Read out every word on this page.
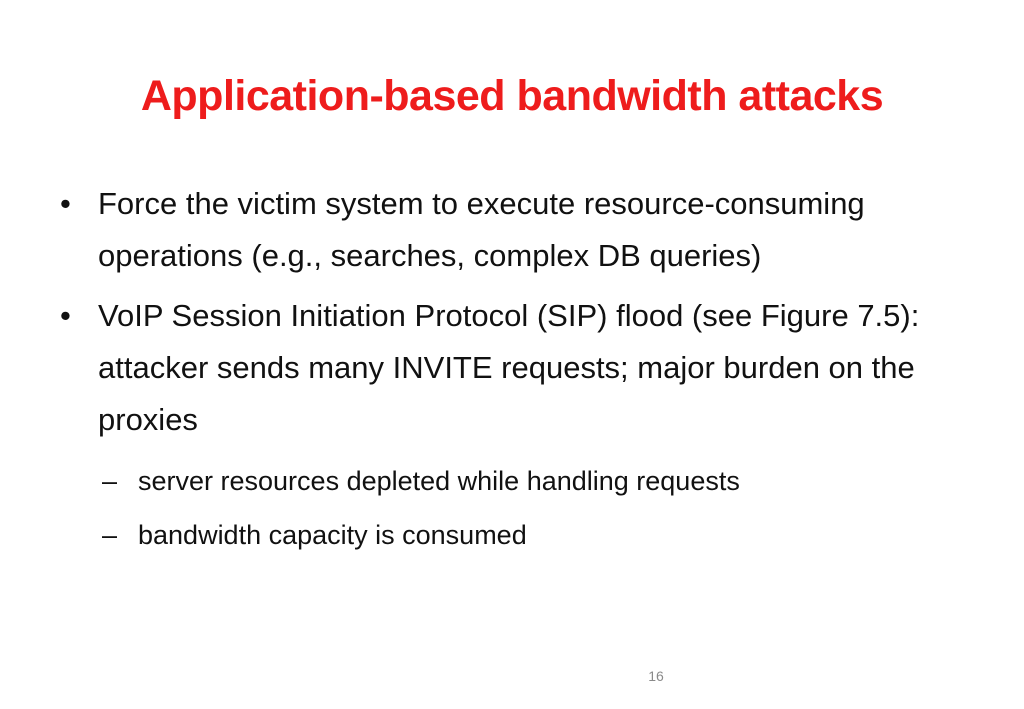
Application-based bandwidth attacks
• Force the victim system to execute resource-consuming operations (e.g., searches, complex DB queries)
• VoIP Session Initiation Protocol (SIP) flood (see Figure 7.5): attacker sends many INVITE requests; major burden on the proxies
– server resources depleted while handling requests
– bandwidth capacity is consumed
16
